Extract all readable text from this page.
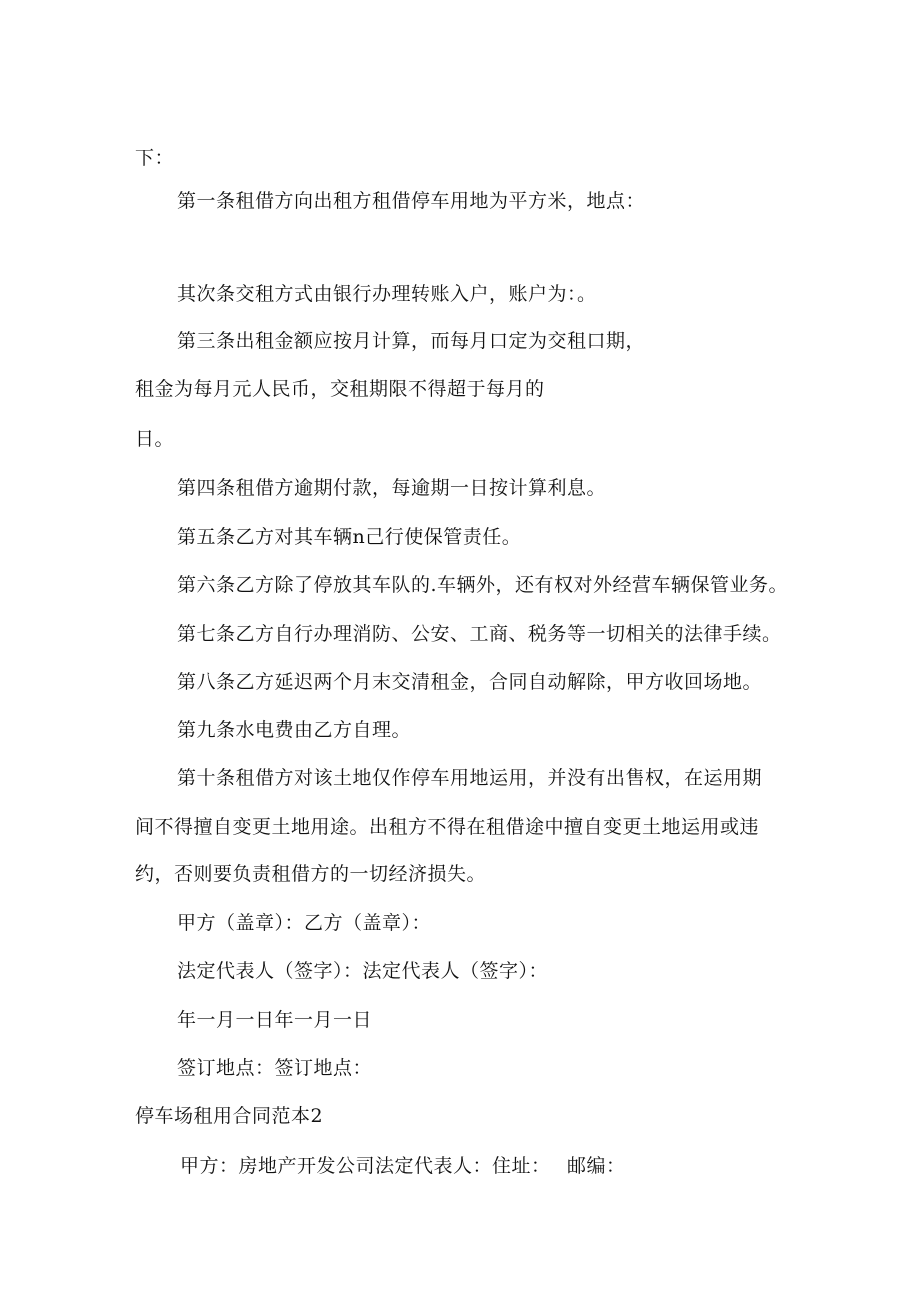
下：
第一条租借方向出租方租借停车用地为平方米，地点：
其次条交租方式由银行办理转账入户，账户为：。
第三条出租金额应按月计算，而每月口定为交租口期，
租金为每月元人民币，交租期限不得超于每月的
日。
第四条租借方逾期付款，每逾期一日按计算利息。
第五条乙方对其车辆n己行使保管责任。
第六条乙方除了停放其车队的.车辆外，还有权对外经营车辆保管业务。
第七条乙方自行办理消防、公安、工商、税务等一切相关的法律手续。
第八条乙方延迟两个月末交清租金，合同自动解除，甲方收回场地。
第九条水电费由乙方自理。
第十条租借方对该土地仅作停车用地运用，并没有出售权，在运用期
间不得擅自变更土地用途。出租方不得在租借途中擅自变更土地运用或违
约，否则要负责租借方的一切经济损失。
甲方（盖章）：乙方（盖章）：
法定代表人（签字）：法定代表人（签字）：
年一月一日年一月一日
签订地点：签订地点：
停车场租用合同范本2
甲方：房地产开发公司法定代表人：住址：　 邮编：
